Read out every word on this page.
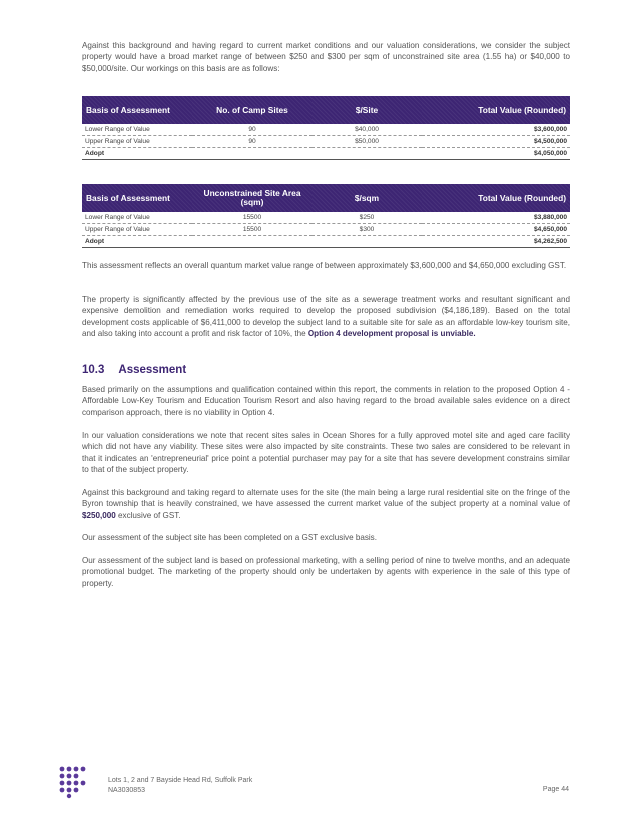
Against this background and having regard to current market conditions and our valuation considerations, we consider the subject property would have a broad market range of between $250 and $300 per sqm of unconstrained site area (1.55 ha) or $40,000 to $50,000/site. Our workings on this basis are as follows:

Basis of Assessment	No. of Camp Sites	$/Site	Total Value (Rounded)
Lower Range of Value	90	$40,000	$3,600,000
Upper Range of Value	90	$50,000	$4,500,000
Adopt			$4,050,000
Basis of Assessment	Unconstrained Site Area (sqm)	$/sqm	Total Value (Rounded)
Lower Range of Value	15500	$250	$3,880,000
Upper Range of Value	15500	$300	$4,650,000
Adopt			$4,262,500

This assessment reflects an overall quantum market value range of between approximately $3,600,000 and $4,650,000 excluding GST.

The property is significantly affected by the previous use of the site as a sewerage treatment works and resultant significant and expensive demolition and remediation works required to develop the proposed subdivision ($4,186,189). Based on the total development costs applicable of $6,411,000 to develop the subject land to a suitable site for sale as an affordable low-key tourism site, and also taking into account a profit and risk factor of 10%, the Option 4 development proposal is unviable.

10.3 Assessment

Based primarily on the assumptions and qualification contained within this report, the comments in relation to the proposed Option 4 - Affordable Low-Key Tourism and Education Tourism Resort and also having regard to the broad available sales evidence on a direct comparison approach, there is no viability in Option 4.

In our valuation considerations we note that recent sites sales in Ocean Shores for a fully approved motel site and aged care facility which did not have any viability. These sites were also impacted by site constraints. These two sales are considered to be relevant in that it indicates an 'entrepreneurial' price point a potential purchaser may pay for a site that has severe development constrains similar to that of the subject property.

Against this background and taking regard to alternate uses for the site (the main being a large rural residential site on the fringe of the Byron township that is heavily constrained, we have assessed the current market value of the subject property at a nominal value of $250,000 exclusive of GST.

Our assessment of the subject site has been completed on a GST exclusive basis.

Our assessment of the subject land is based on professional marketing, with a selling period of nine to twelve months, and an adequate promotional budget. The marketing of the property should only be undertaken by agents with experience in the sale of this type of property.

Lots 1, 2 and 7 Bayside Head Rd, Suffolk Park
NA3030853	Page 44
